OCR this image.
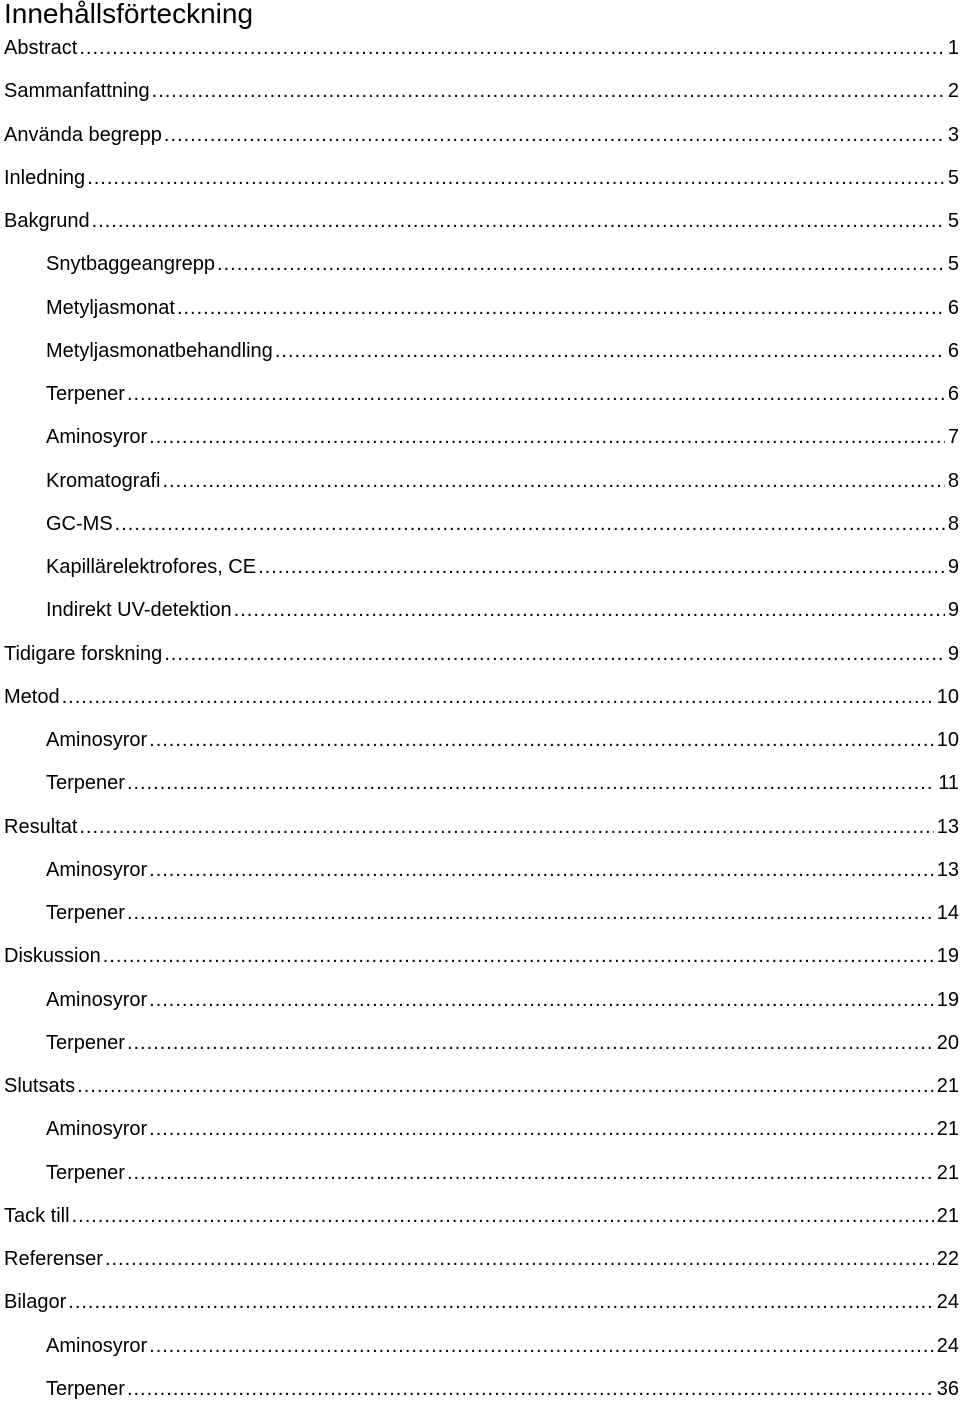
Innehållsförteckning
Abstract .....	1
Sammanfattning .....	2
Använda begrepp .....	3
Inledning .....	5
Bakgrund .....	5
Snytbaggeangrepp .....	5
Metyljasmonat .....	6
Metyljasmonatbehandling .....	6
Terpener .....	6
Aminosyror .....	7
Kromatografi .....	8
GC-MS .....	8
Kapillärelektrofores, CE .....	9
Indirekt UV-detektion .....	9
Tidigare forskning .....	9
Metod .....	10
Aminosyror .....	10
Terpener .....	11
Resultat .....	13
Aminosyror .....	13
Terpener .....	14
Diskussion .....	19
Aminosyror .....	19
Terpener .....	20
Slutsats .....	21
Aminosyror .....	21
Terpener .....	21
Tack till .....	21
Referenser .....	22
Bilagor .....	24
Aminosyror .....	24
Terpener .....	36
